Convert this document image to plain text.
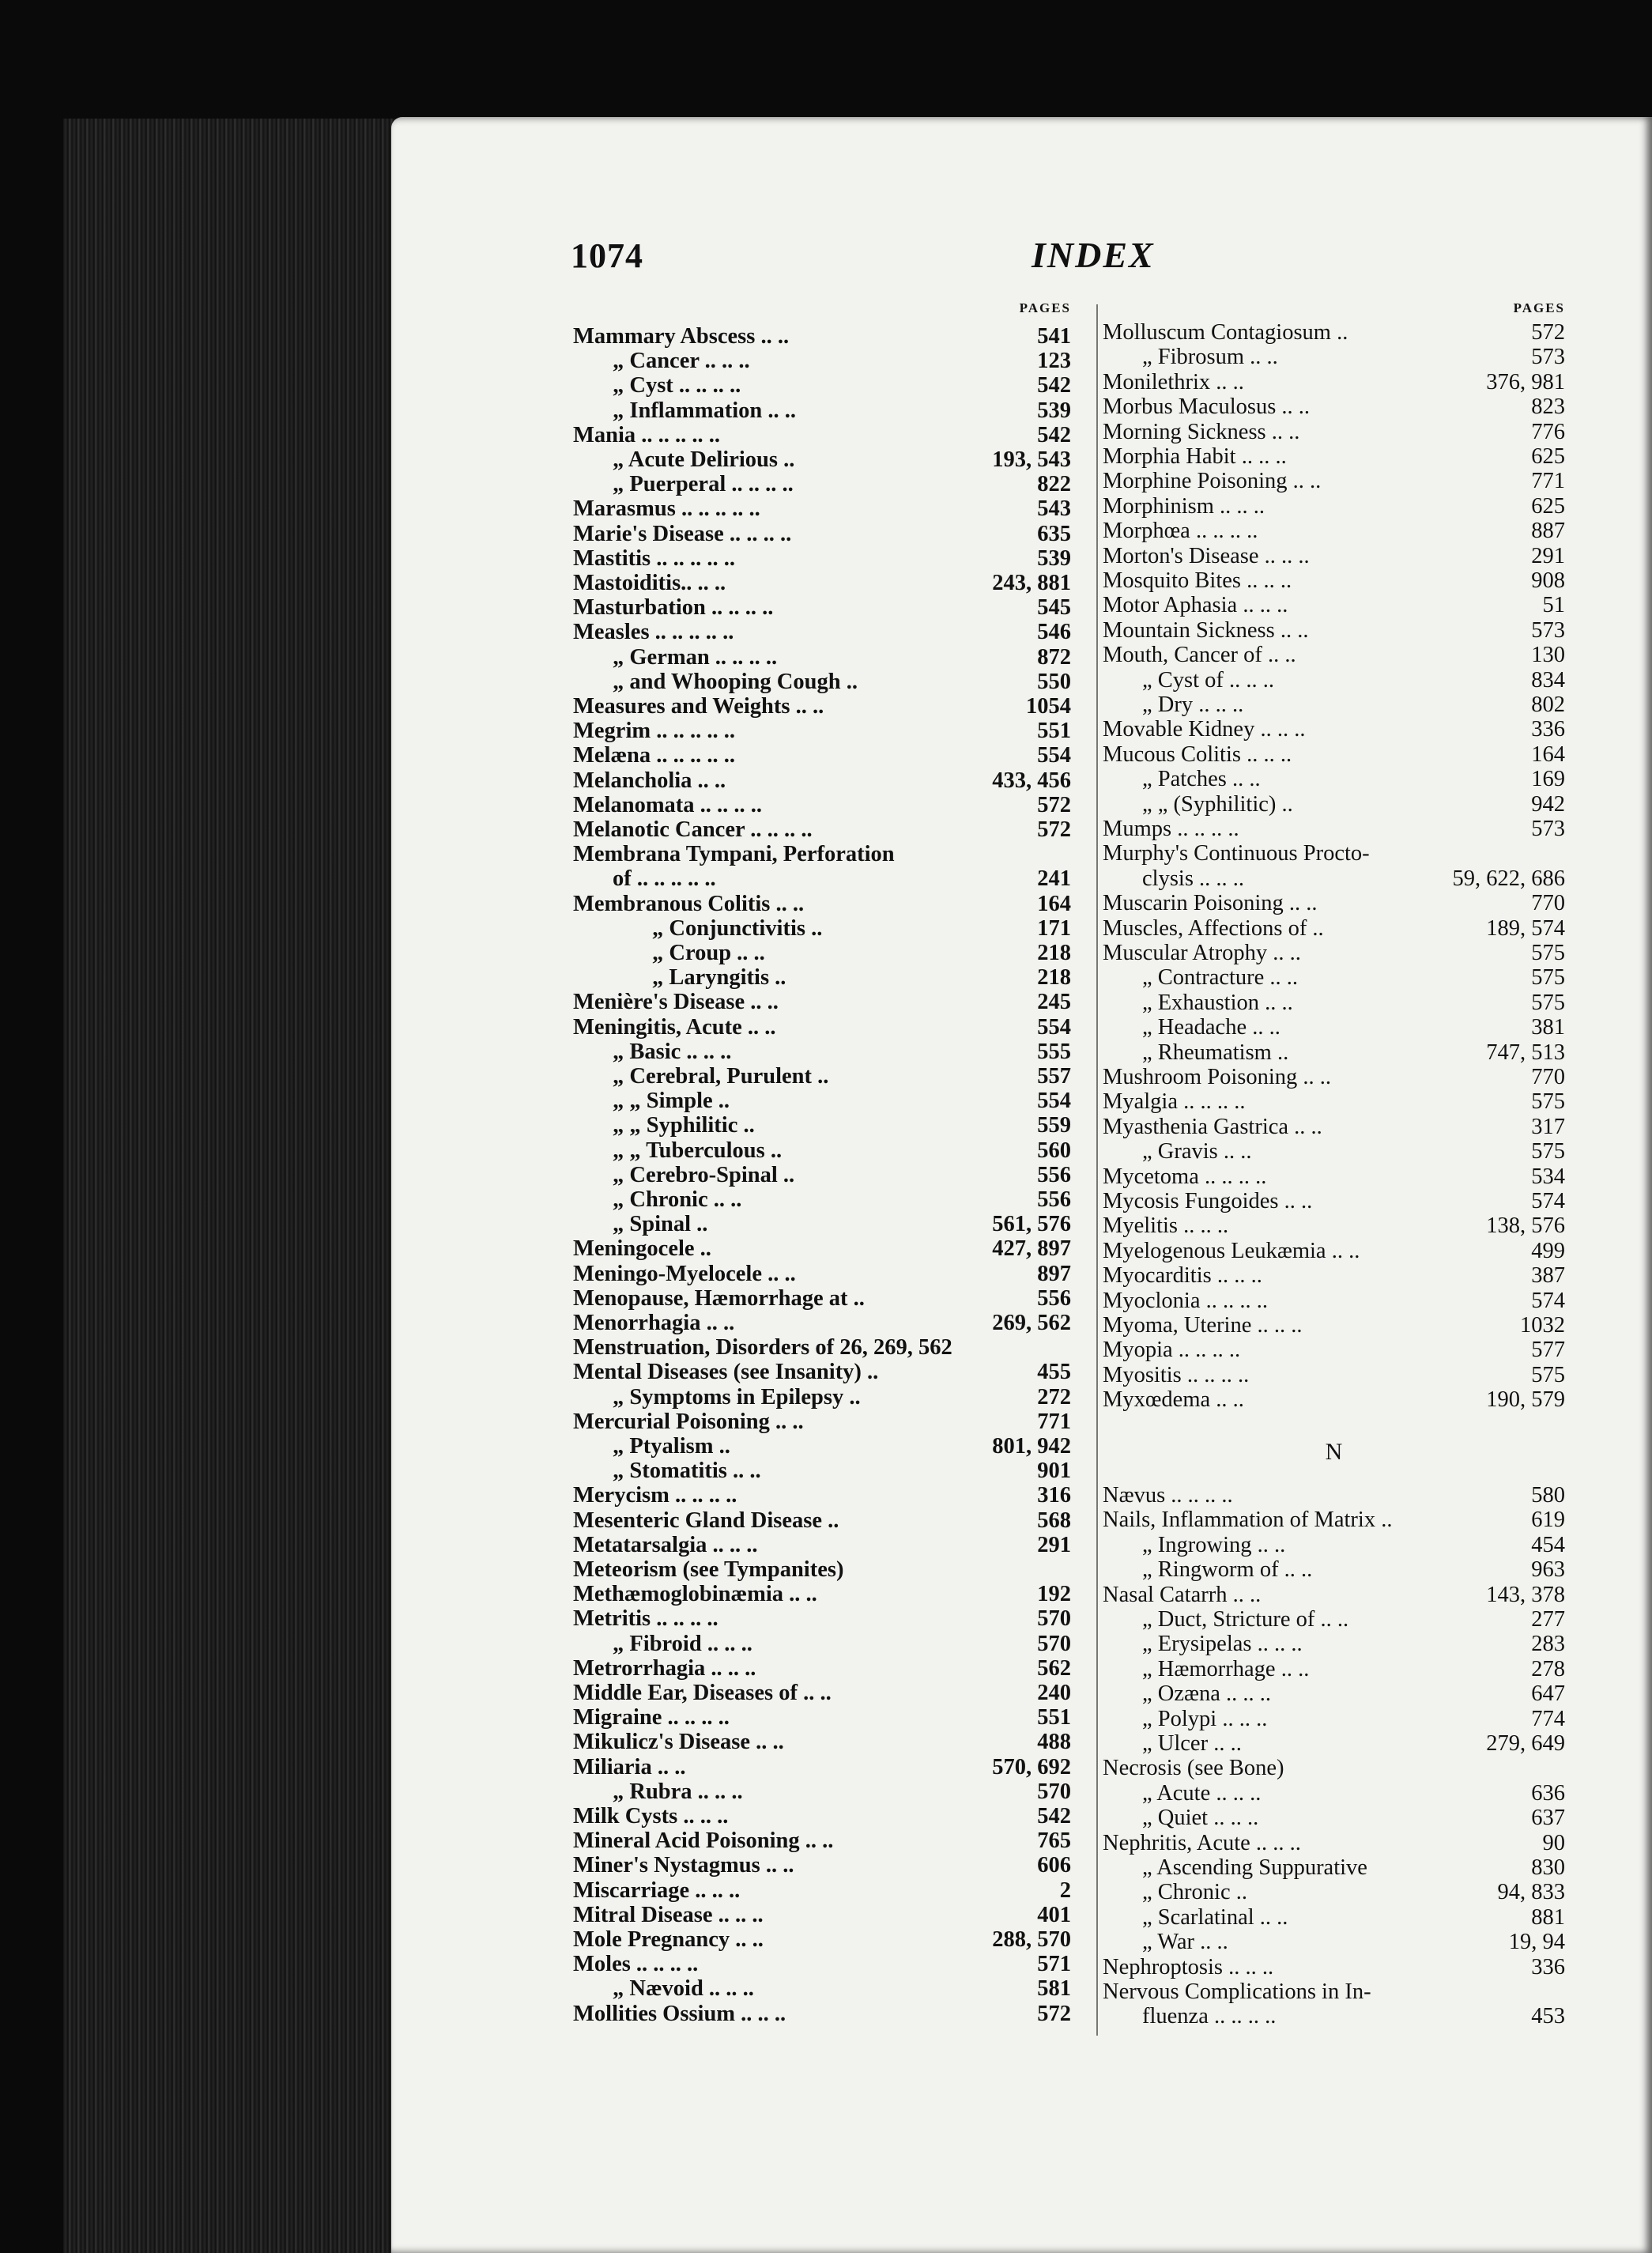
1074	INDEX
PAGES
Mammary Abscess .. ..	541
„ Cancer .. .. ..	123
„ Cyst .. .. .. ..	542
„ Inflammation .. ..	539
Mania .. .. .. .. ..	542
„ Acute Delirious ..	193, 543
„ Puerperal .. .. .. ..	822
Marasmus .. .. .. .. ..	543
Marie's Disease .. .. .. ..	635
Mastitis .. .. .. .. ..	539
Mastoiditis.. .. ..	243, 881
Masturbation .. .. .. ..	545
Measles .. .. .. .. ..	546
„ German .. .. .. ..	872
„ and Whooping Cough ..	550
Measures and Weights .. ..	1054
Megrim .. .. .. .. ..	551
Melæna .. .. .. .. ..	554
Melancholia .. ..	433, 456
Melanomata .. .. .. ..	572
Melanotic Cancer .. .. .. ..	572
Membrana Tympani, Perforation
of .. .. .. .. ..	241
Membranous Colitis .. ..	164
„ Conjunctivitis ..	171
„ Croup .. ..	218
„ Laryngitis ..	218
Menière's Disease .. ..	245
Meningitis, Acute .. ..	554
„ Basic .. .. ..	555
„ Cerebral, Purulent ..	557
„ „ Simple ..	554
„ „ Syphilitic ..	559
„ „ Tuberculous ..	560
„ Cerebro-Spinal ..	556
„ Chronic .. ..	556
„ Spinal ..	561, 576
Meningocele ..	427, 897
Meningo-Myelocele .. ..	897
Menopause, Hæmorrhage at ..	556
Menorrhagia .. ..	269, 562
Menstruation, Disorders of 26, 269, 562
Mental Diseases (see Insanity) ..	455
„ Symptoms in Epilepsy ..	272
Mercurial Poisoning .. ..	771
„ Ptyalism ..	801, 942
„ Stomatitis .. ..	901
Merycism .. .. .. ..	316
Mesenteric Gland Disease ..	568
Metatarsalgia .. .. ..	291
Meteorism (see Tympanites)
Methæmoglobinæmia .. ..	192
Metritis .. .. .. ..	570
„ Fibroid .. .. ..	570
Metrorrhagia .. .. ..	562
Middle Ear, Diseases of .. ..	240
Migraine .. .. .. ..	551
Mikulicz's Disease .. ..	488
Miliaria .. ..	570, 692
„ Rubra .. .. ..	570
Milk Cysts .. .. ..	542
Mineral Acid Poisoning .. ..	765
Miner's Nystagmus .. ..	606
Miscarriage .. .. ..	2
Mitral Disease .. .. ..	401
Mole Pregnancy .. ..	288, 570
Moles .. .. .. ..	571
„ Nævoid .. .. ..	581
Mollities Ossium .. .. ..	572
PAGES
Molluscum Contagiosum ..	572
„ Fibrosum .. ..	573
Monilethrix .. ..	376, 981
Morbus Maculosus .. ..	823
Morning Sickness .. ..	776
Morphia Habit .. .. ..	625
Morphine Poisoning .. ..	771
Morphinism .. .. ..	625
Morphœa .. .. .. ..	887
Morton's Disease .. .. ..	291
Mosquito Bites .. .. ..	908
Motor Aphasia .. .. ..	51
Mountain Sickness .. ..	573
Mouth, Cancer of .. ..	130
„ Cyst of .. .. ..	834
„ Dry .. .. ..	802
Movable Kidney .. .. ..	336
Mucous Colitis .. .. ..	164
„ Patches .. ..	169
„ „ (Syphilitic) ..	942
Mumps .. .. .. ..	573
Murphy's Continuous Procto-
clysis .. .. ..	59, 622, 686
Muscarin Poisoning .. ..	770
Muscles, Affections of ..	189, 574
Muscular Atrophy .. ..	575
„ Contracture .. ..	575
„ Exhaustion .. ..	575
„ Headache .. ..	381
„ Rheumatism ..	747, 513
Mushroom Poisoning .. ..	770
Myalgia .. .. .. ..	575
Myasthenia Gastrica .. ..	317
„ Gravis .. ..	575
Mycetoma .. .. .. ..	534
Mycosis Fungoides .. ..	574
Myelitis .. .. ..	138, 576
Myelogenous Leukæmia .. ..	499
Myocarditis .. .. ..	387
Myoclonia .. .. .. ..	574
Myoma, Uterine .. .. ..	1032
Myopia .. .. .. ..	577
Myositis .. .. .. ..	575
Myxœdema .. ..	190, 579
N
Nævus .. .. .. ..	580
Nails, Inflammation of Matrix ..	619
„ Ingrowing .. ..	454
„ Ringworm of .. ..	963
Nasal Catarrh .. ..	143, 378
„ Duct, Stricture of .. ..	277
„ Erysipelas .. .. ..	283
„ Hæmorrhage .. ..	278
„ Ozæna .. .. ..	647
„ Polypi .. .. ..	774
„ Ulcer .. ..	279, 649
Necrosis (see Bone)
„ Acute .. .. ..	636
„ Quiet .. .. ..	637
Nephritis, Acute .. .. ..	90
„ Ascending Suppurative	830
„ Chronic ..	94, 833
„ Scarlatinal .. ..	881
„ War .. ..	19, 94
Nephroptosis .. .. ..	336
Nervous Complications in In-
fluenza .. .. .. ..	453
